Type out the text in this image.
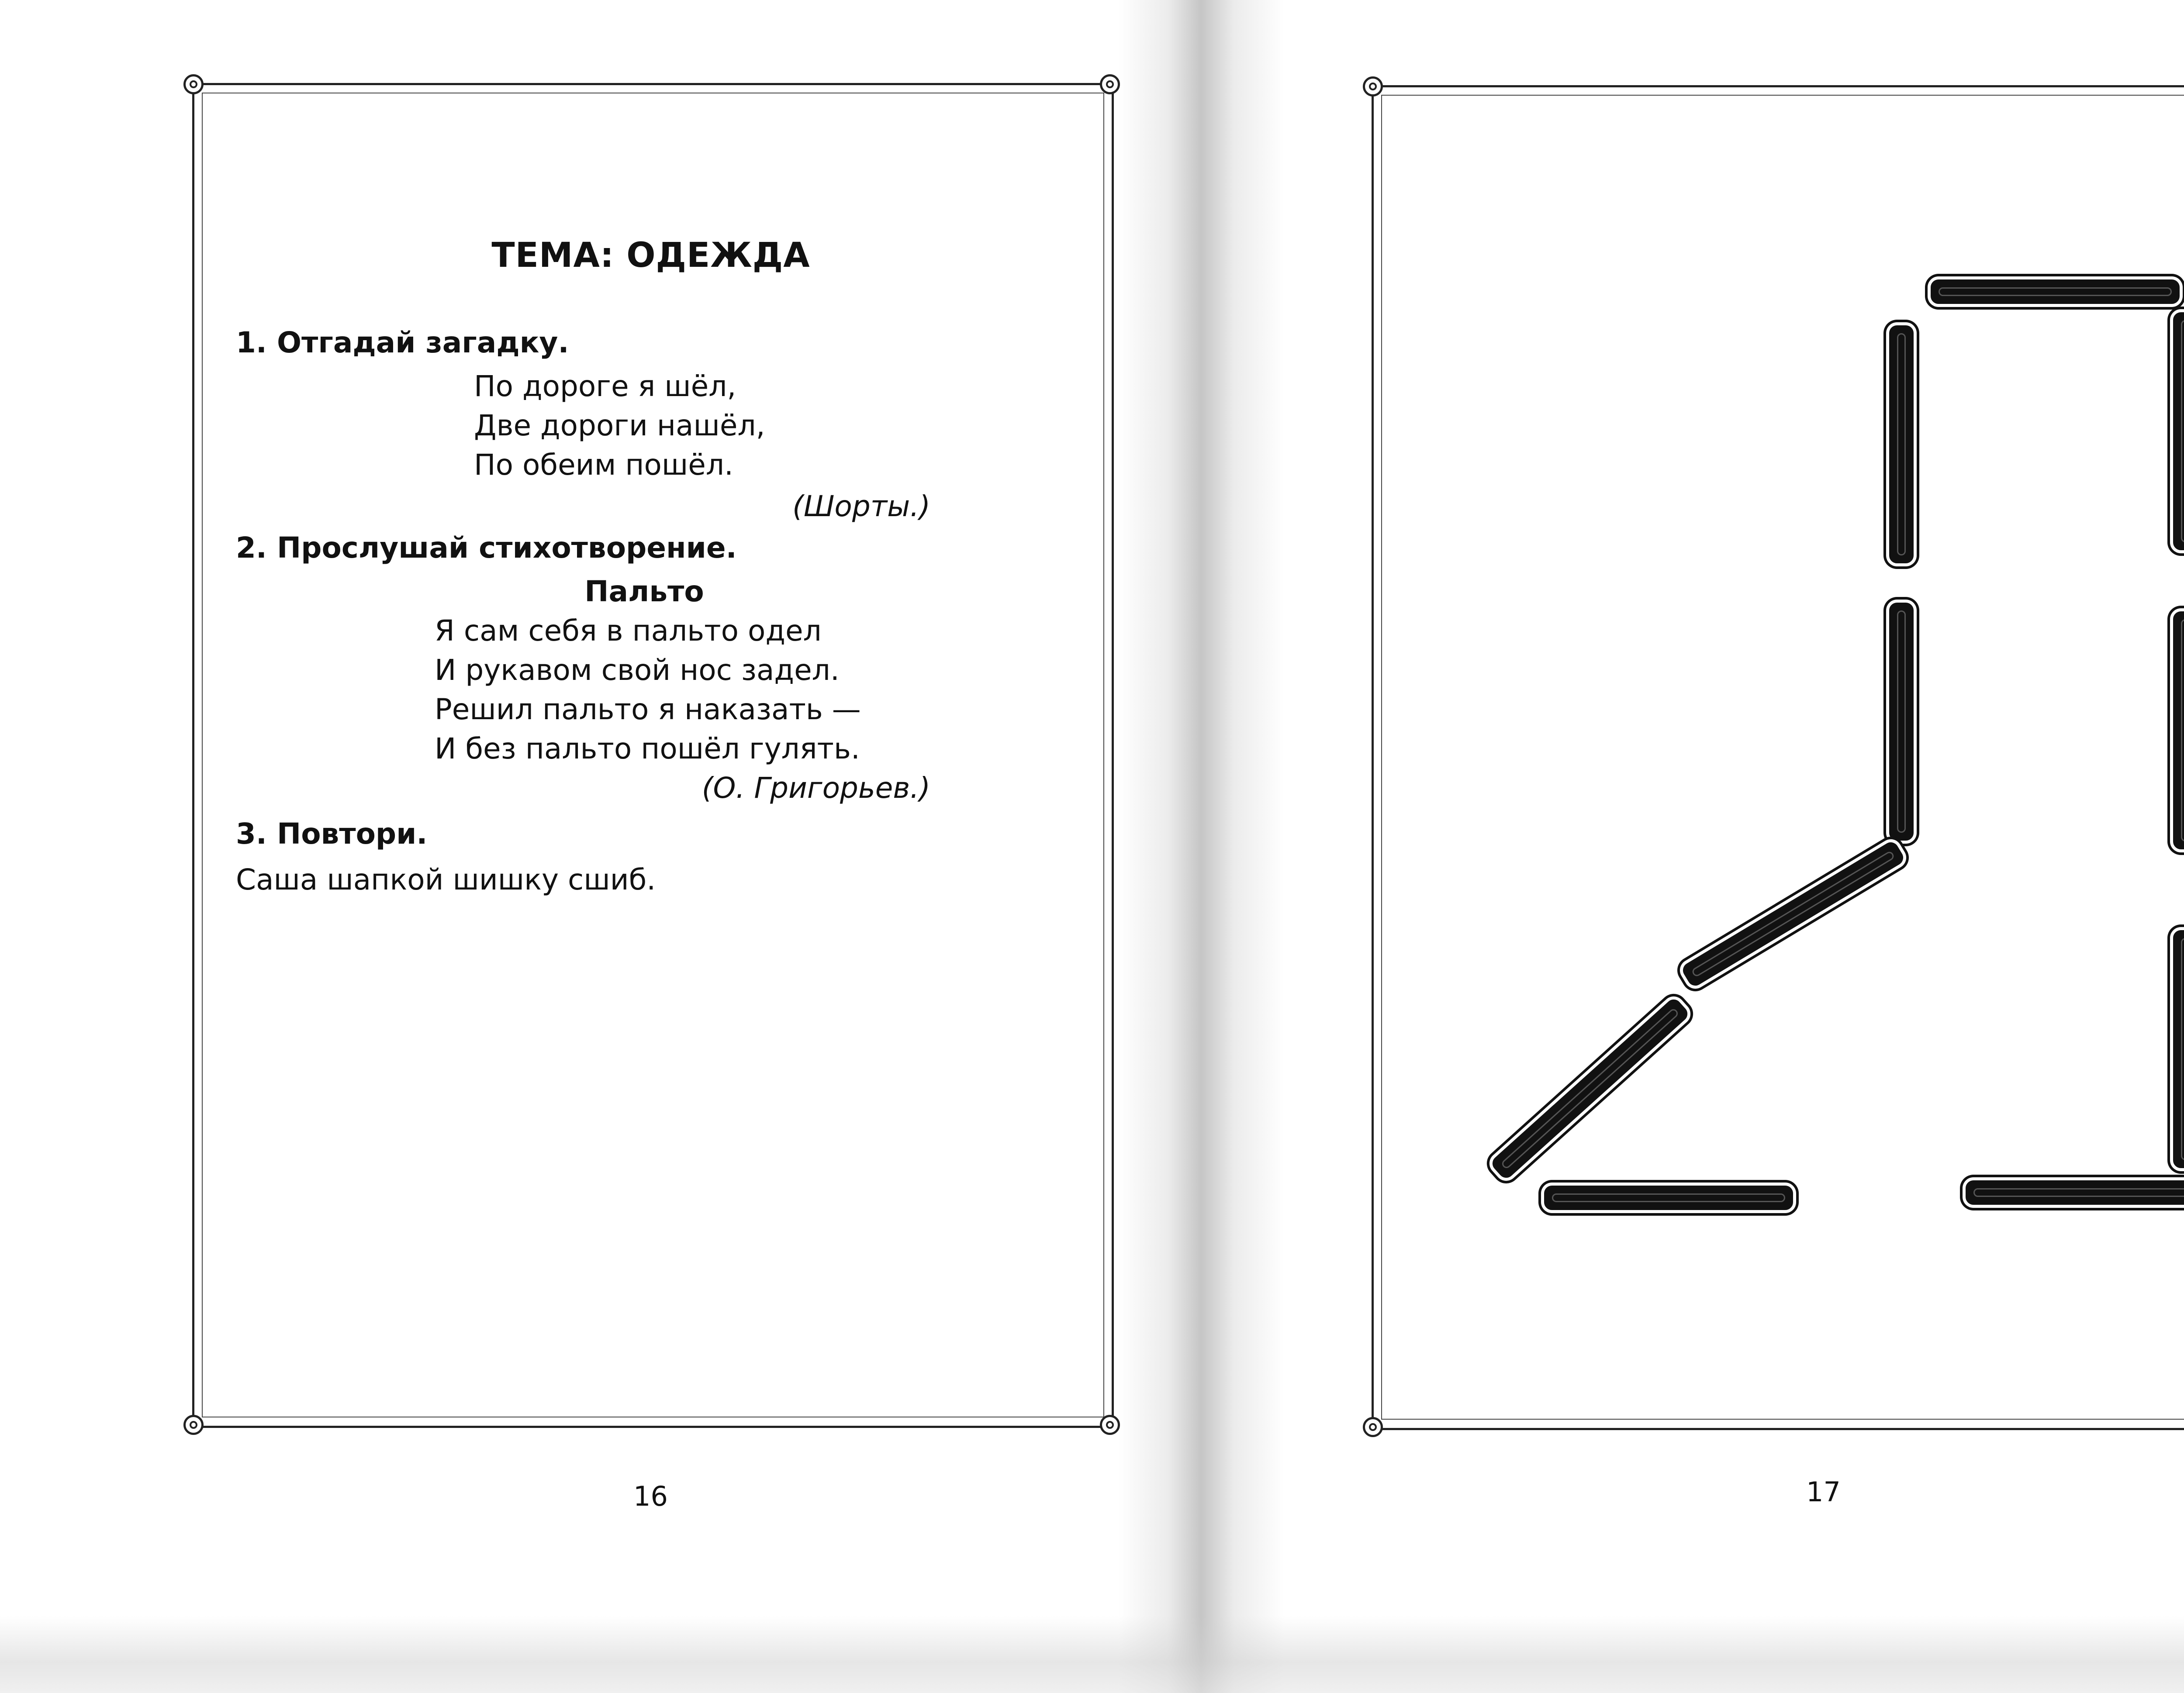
ТЕМА: ОДЕЖДА
1. Отгадай загадку.
По дороге я шёл,
Две дороги нашёл,
По обеим пошёл.
(Шорты.)
2. Прослушай стихотворение.
Пальто
Я сам себя в пальто одел
И рукавом свой нос задел.
Решил пальто я наказать —
И без пальто пошёл гулять.
(О. Григорьев.)
3. Повтори.
Саша шапкой шишку сшиб.
16	17
